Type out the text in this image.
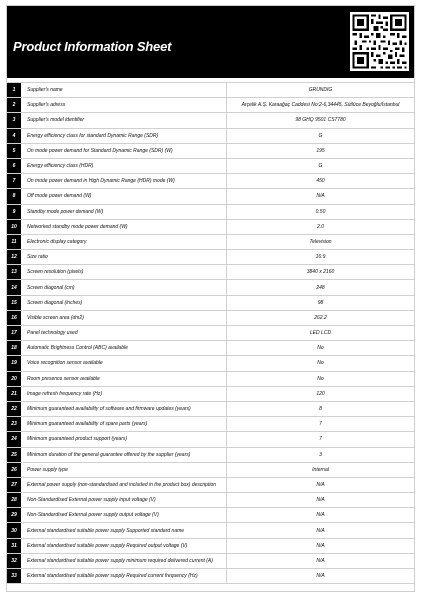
Product Information Sheet
1	Supplier's name	GRUNDIG
2	Supplier's adress	Arçelik A.Ş. Karaağaç Caddesi No:2-6,34445, Sütlüce Beyoğlu/İstanbul
3	Supplier's model identifier	98 GHQ 9501 CS7780
4	Energy efficiency class for standard Dynamic Range (SDR)	G
5	On mode power demand for Standard Dynamic Range (SDR) (W)	195
6	Energy efficiency class (HDR)	G
7	On mode power demand in High Dynamic Range (HDR) mode (W)	450
8	Off mode power demand (W)	N/A
9	Standby mode power demand (W)	0.50
10	Networked standby mode power demand (W)	2.0
11	Electronic display category	Television
12	Size ratio	16:9
13	Screen resolution (pixels)	3840 x 2160
14	Screen diagonal (cm)	248
15	Screen diagonal (inches)	98
16	Visible screen area (dm2)	262.2
17	Panel technology used	LED LCD
18	Automatic Brightness Control (ABC) available	No
19	Voice recognition sensor available	No
20	Room presence sensor available	No
21	Image refresh frequency rate (Hz)	120
22	Minimum guaranteed availability of software and firmware updates (years)	8
23	Minimum guaranteed availability of spare parts (years)	7
24	Minimum guaranteed product support (years)	7
25	Minimum duration of the general guarantee offered by the supplier (years)	3
26	Power supply type	Internal
27	External power supply (non-standardised and included in the product box) description	N/A
28	Non-Standardised External power supply input voltage (V)	N/A
29	Non-Standardised External power supply output voltage (V)	N/A
30	External standardised suitable power supply Supported standard name	N/A
31	External standardised suitable power supply Required output voltage (V)	N/A
32	External standardised suitable power supply minimum required delivered current (A)	N/A
33	External standardised suitable power supply Required current frequency (Hz)	N/A
